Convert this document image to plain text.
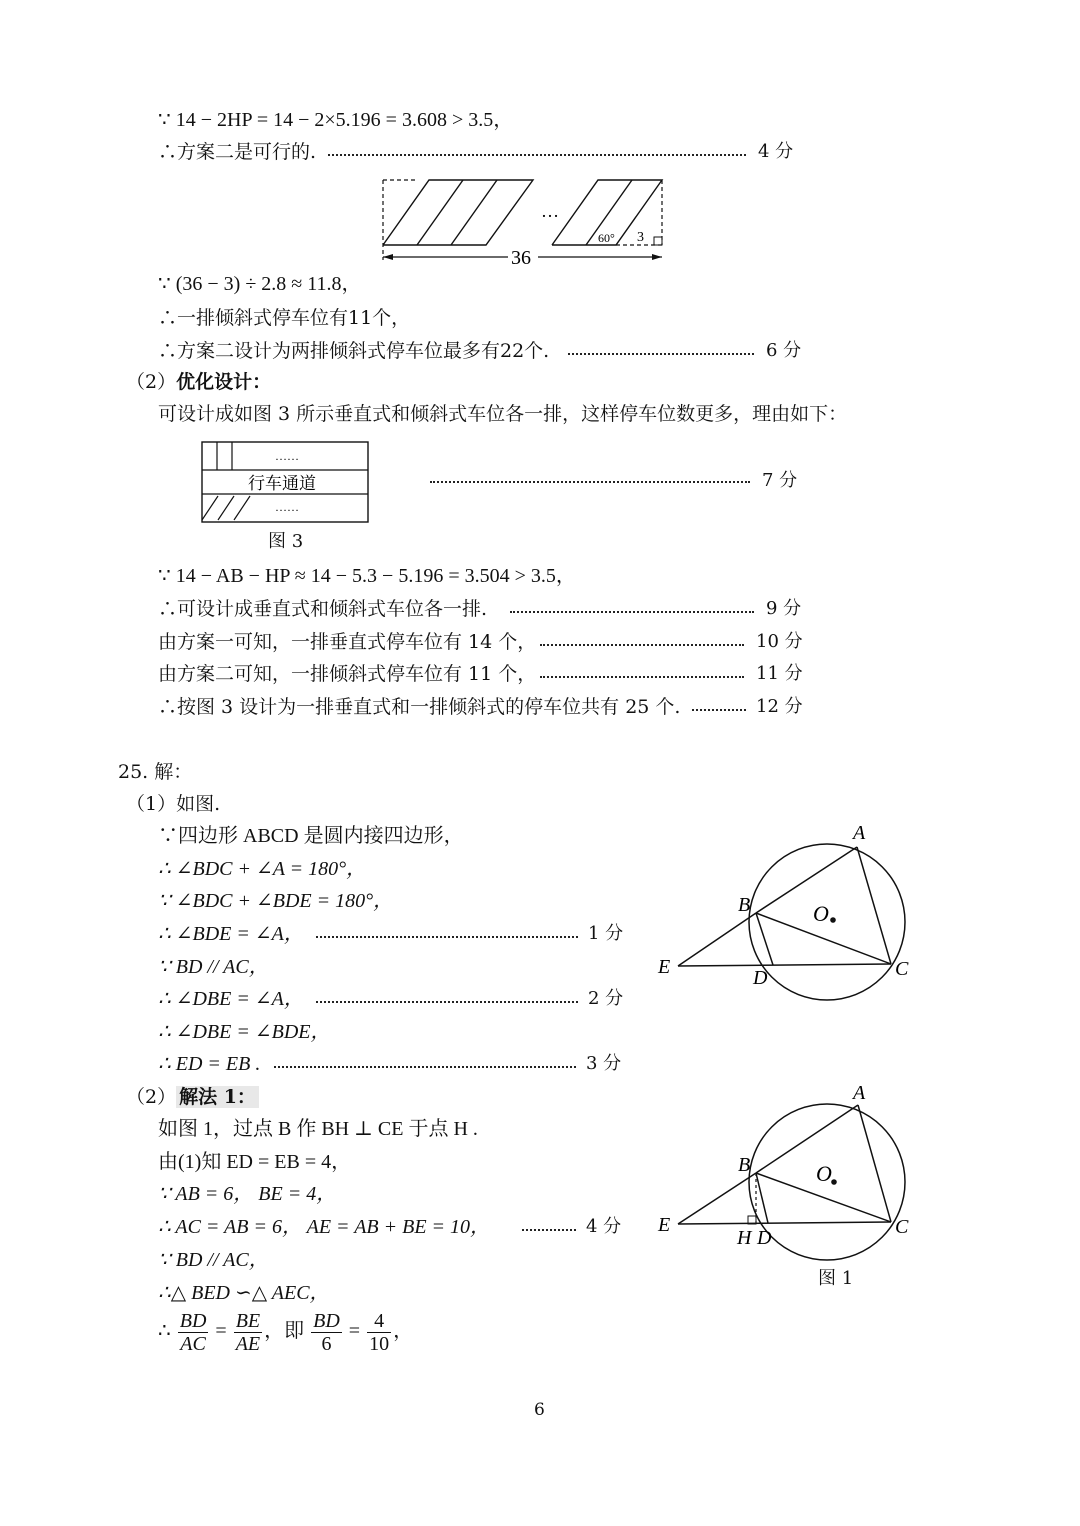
∵ 14 − 2HP = 14 − 2×5.196 = 3.608 > 3.5，
∴方案二是可行的.	4 分
…
60° 3
36
∵ (36 − 3) ÷ 2.8 ≈ 11.8，
∴一排倾斜式停车位有11个，
∴方案二设计为两排倾斜式停车位最多有22个.	6 分
（2）优化设计：
可设计成如图 3 所示垂直式和倾斜式车位各一排，这样停车位数更多，理由如下：
……
行车通道
……
7 分
图 3
∵ 14 − AB − HP ≈ 14 − 5.3 − 5.196 = 3.504 > 3.5，
∴可设计成垂直式和倾斜式车位各一排.	9 分
由方案一可知，一排垂直式停车位有 14 个，	10 分
由方案二可知，一排倾斜式停车位有 11 个，	11 分
∴按图 3 设计为一排垂直式和一排倾斜式的停车位共有 25 个.	12 分
25. 解：
（1）如图.
∵四边形 ABCD 是圆内接四边形，
∴ ∠BDC + ∠A = 180°，
∵ ∠BDC + ∠BDE = 180°，
∴ ∠BDE = ∠A，	1 分
∵ BD // AC，
∴ ∠DBE = ∠A，	2 分
∴ ∠DBE = ∠BDE，
∴ ED = EB .	3 分
A
B
C
D
E
O
（2） 解法 1：
如图 1，过点 B 作 BH ⊥ CE 于点 H .
由(1)知 ED = EB = 4，
∵ AB = 6， BE = 4，
∴ AC = AB = 6， AE = AB + BE = 10，	4 分
∵ BD // AC，
∴△ BED ∽△ AEC，
∴ $\frac{BD}{AC} = \frac{BE}{AE}$ ，即 $\frac{BD}{6} = \frac{4}{10}$ ，
A
B
C
H D
E
O
图 1
6
